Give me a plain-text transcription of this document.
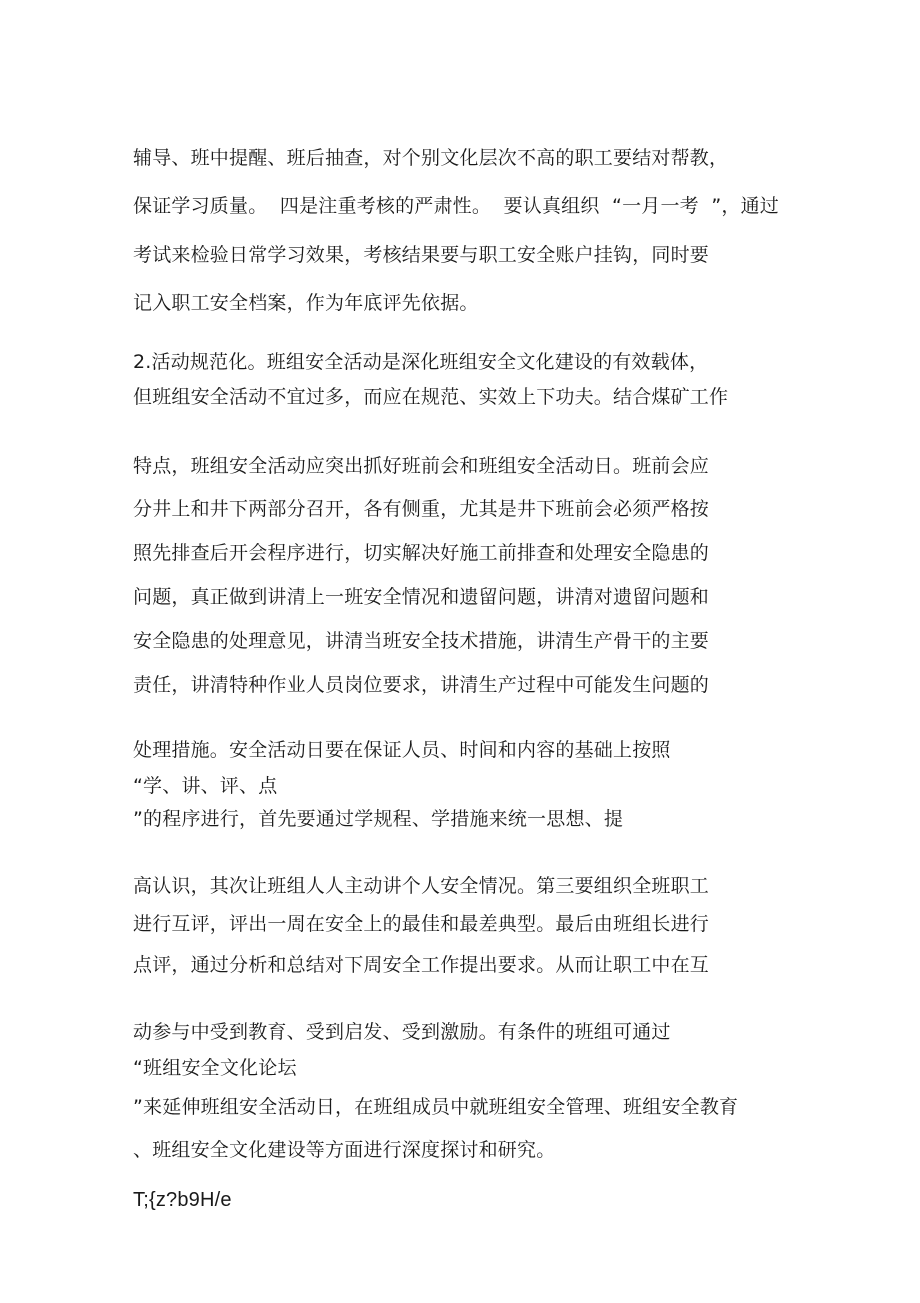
辅导、班中提醒、班后抽查，对个别文化层次不高的职工要结对帮教，
保证学习质量。  四是注重考核的严肃性。  要认真组织  “一月一考  ”，通过
考试来检验日常学习效果，考核结果要与职工安全账户挂钩，同时要
记入职工安全档案，作为年底评先依据。
2.活动规范化。班组安全活动是深化班组安全文化建设的有效载体，
但班组安全活动不宜过多，而应在规范、实效上下功夫。结合煤矿工作
特点，班组安全活动应突出抓好班前会和班组安全活动日。班前会应
分井上和井下两部分召开，各有侧重，尤其是井下班前会必须严格按
照先排查后开会程序进行，切实解决好施工前排查和处理安全隐患的
问题，真正做到讲清上一班安全情况和遗留问题，讲清对遗留问题和
安全隐患的处理意见，讲清当班安全技术措施，讲清生产骨干的主要
责任，讲清特种作业人员岗位要求，讲清生产过程中可能发生问题的
处理措施。安全活动日要在保证人员、时间和内容的基础上按照
“学、讲、评、点
”的程序进行，首先要通过学规程、学措施来统一思想、提
高认识，其次让班组人人主动讲个人安全情况。第三要组织全班职工
进行互评，评出一周在安全上的最佳和最差典型。最后由班组长进行
点评，通过分析和总结对下周安全工作提出要求。从而让职工中在互
动参与中受到教育、受到启发、受到激励。有条件的班组可通过
“班组安全文化论坛
”来延伸班组安全活动日，在班组成员中就班组安全管理、班组安全教育
、班组安全文化建设等方面进行深度探讨和研究。
T;{z?b9H/e
